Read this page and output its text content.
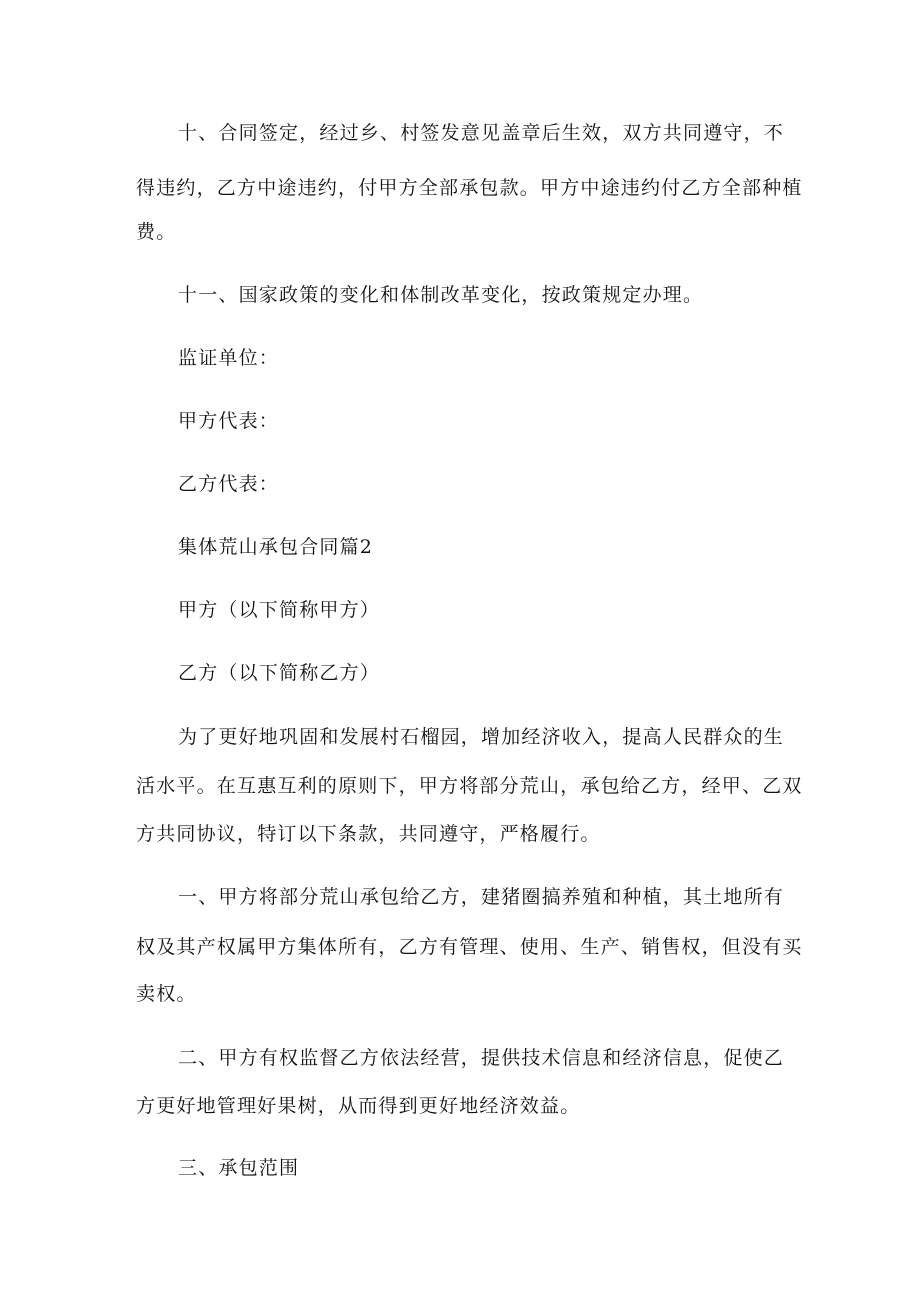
十、合同签定，经过乡、村签发意见盖章后生效，双方共同遵守，不
得违约，乙方中途违约，付甲方全部承包款。甲方中途违约付乙方全部种植
费。
十一、国家政策的变化和体制改革变化，按政策规定办理。
监证单位：
甲方代表：
乙方代表：
集体荒山承包合同篇2
甲方（以下简称甲方）
乙方（以下简称乙方）
为了更好地巩固和发展村石榴园，增加经济收入，提高人民群众的生
活水平。在互惠互利的原则下，甲方将部分荒山，承包给乙方，经甲、乙双
方共同协议，特订以下条款，共同遵守，严格履行。
一、甲方将部分荒山承包给乙方，建猪圈搞养殖和种植，其土地所有
权及其产权属甲方集体所有，乙方有管理、使用、生产、销售权，但没有买
卖权。
二、甲方有权监督乙方依法经营，提供技术信息和经济信息，促使乙
方更好地管理好果树，从而得到更好地经济效益。
三、承包范围
